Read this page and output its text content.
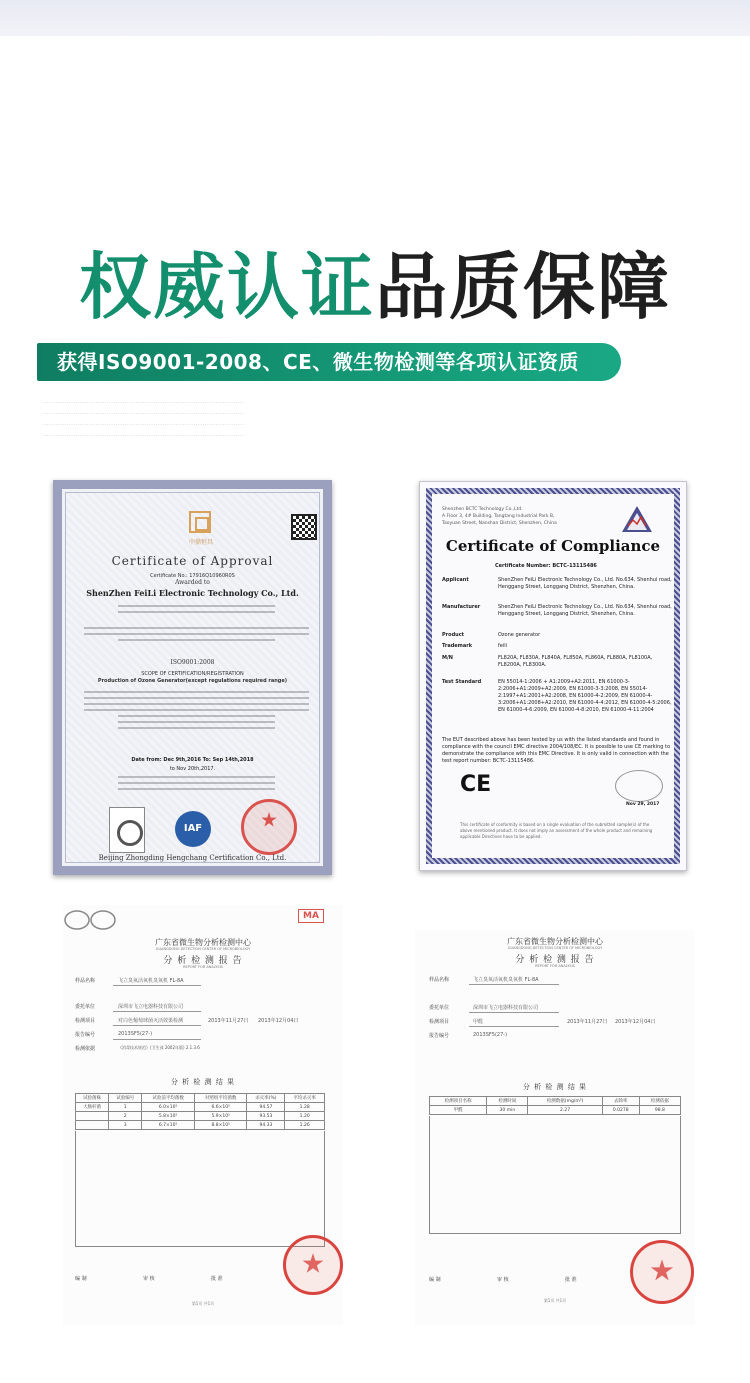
权威认证品质保障
获得ISO9001-2008、CE、微生物检测等各项认证资质

···························································································

···························································································

···························································································

···························································································

中鼎恒昌
Certificate of Approval
Certificate No.: 17916Q10960R0S
Awarded to
ShenZhen FeiLi Electronic Technology Co., Ltd.
ISO9001:2008
SCOPE OF CERTIFICATION/REGISTRATION
Production of Ozone Generator(except regulations required range)
Date from: Dec 9th,2016 To: Sep 14th,2018
to Nov 20th,2017.
IAF
Beijing Zhongding Hengchang Certification Co., Ltd.
Shenzhen BCTC Technology Co.,Ltd.
A Floor 3, 4# Building, Tangtang Industrial Park B,
Taoyuan Street, Nanshan District, Shenzhen, China
Certificate of Compliance
Certificate Number: BCTC-13115486
Applicant	ShenZhen FeiLi Electronic Technology Co., Ltd. No.634, Shenhui road, Henggang Street, Longgang District, Shenzhen, China.
Manufacturer	ShenZhen FeiLi Electronic Technology Co., Ltd. No.634, Shenhui road, Henggang Street, Longgang District, Shenzhen, China.
Product	Ozone generator
Trademark	feili
M/N	FL820A, FL830A, FL840A, FL850A, FL860A, FL880A, FL8100A, FL8200A, FL8300A.
Test Standard	EN 55014-1:2006 + A1:2009+A2:2011, EN 61000-3-2:2006+A1:2009+A2:2009, EN 61000-3-3:2008, EN 55014-2:1997+A1:2001+A2:2008, EN 61000-4-2:2009, EN 61000-4-3:2006+A1:2008+A2:2010, EN 61000-4-4:2012, EN 61000-4-5:2006, EN 61000-4-6:2009, EN 61000-4-8:2010, EN 61000-4-11:2004
The EUT described above has been tested by us with the listed standards and found in compliance with the council EMC directive 2004/108/EC. It is possible to use CE marking to demonstrate the compliance with this EMC Directive. It is only valid in connection with the test report number: BCTC-13115486.
CE
Nov 29, 2017
This certificate of conformity is based on a single evaluation of the submitted sample(s) of the above mentioned product. It does not imply an assessment of the whole product and remaining applicable Directives have to be applied.
MA
广东省微生物分析检测中心
GUANGDONG DETECTION CENTER OF MICROBIOLOGY
分 析 检 测 报 告
REPORT FOR ANALYSIS
样品名称	飞立臭氧活氧机臭氧机 FL-8A
委托单位	深圳市飞立电器科技有限公司
检测项目	对白色葡萄球菌灭活效果检测
报告编号	2013SF5(27-)
检测依据	《消毒技术规范》(卫生部 2002年版) 2.1.3.6
2013年11月27日 2013年12月04日
分 析 检 测 结 果
试验菌株	试验编号	试验前平均菌数	对照组平均菌数	杀灭率(%)	平均杀灭率
大肠杆菌	1	6.0×10⁵	6.6×10⁵	94.57	1.28
	2	5.8×10⁵	5.9×10⁵	93.53	1.20
	3	6.7×10⁵	8.8×10⁵	94.33	1.26
编 制	审 核	批 准
第1页 共1页
广东省微生物分析检测中心
GUANGDONG DETECTION CENTER OF MICROBIOLOGY
分 析 检 测 报 告
REPORT FOR ANALYSIS
样品名称	飞立臭氧活氧机臭氧机 FL-8A
委托单位	深圳市飞立电器科技有限公司
检测项目	甲醛
报告编号	2013SF5(27-)
2013年11月27日 2013年12月04日
分 析 检 测 结 果
检测项目名称	检测时间	检测数据(mg/m³)	去除率	检测依据
甲醛	30 min	2.27	0.0278	98.8
编 制	审 核	批 准
第1页 共1页
